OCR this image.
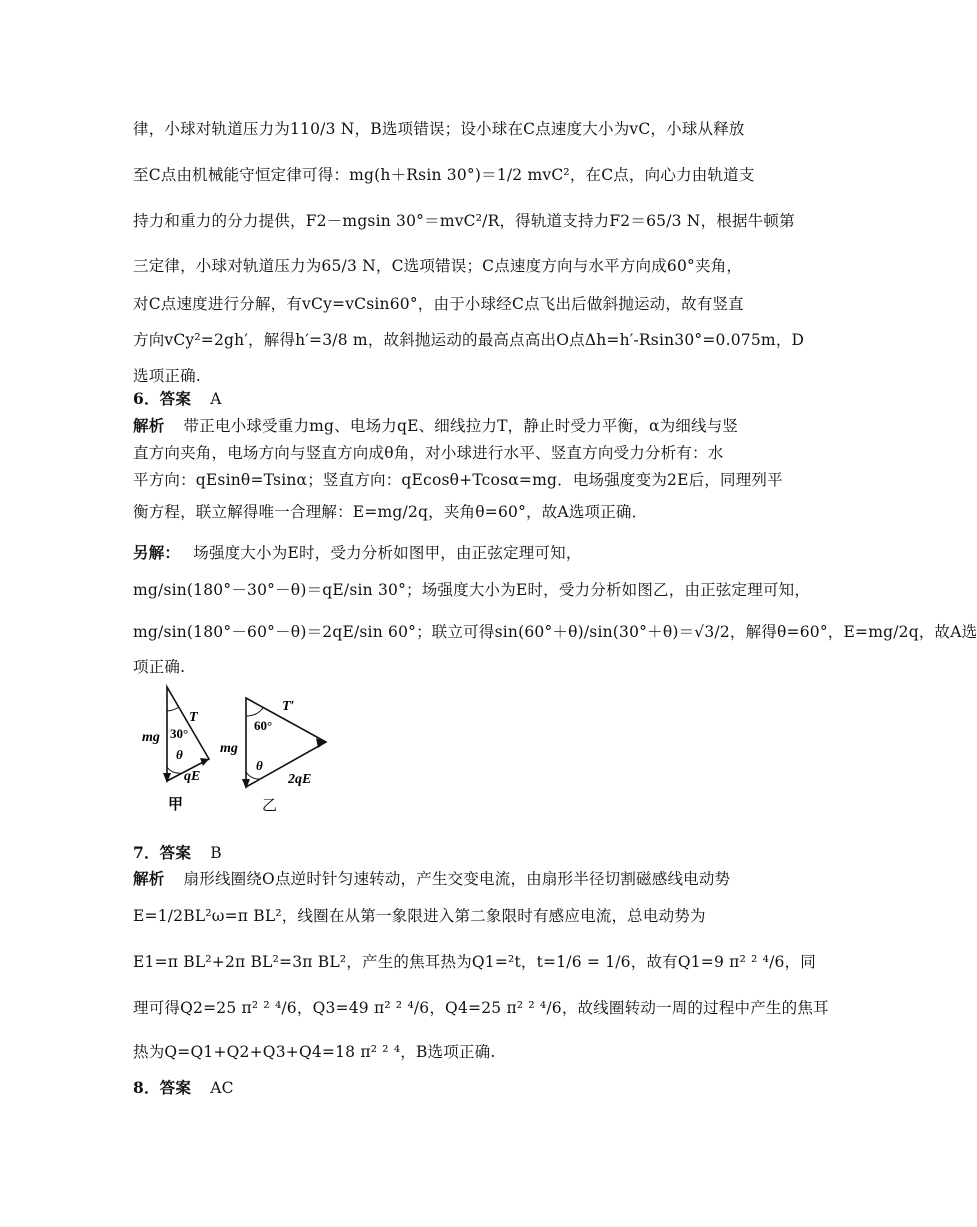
律，小球对轨道压力为110/3 N，B选项错误；设小球在C点速度大小为vC，小球从释放
至C点由机械能守恒定律可得：mg(h＋Rsin 30°)＝1/2 mvC²，在C点，向心力由轨道支
持力和重力的分力提供，F2－mgsin 30°＝mvC²/R，得轨道支持力F2＝65/3 N，根据牛顿第
三定律，小球对轨道压力为65/3 N，C选项错误；C点速度方向与水平方向成60°夹角，
对C点速度进行分解，有vCy=vCsin60°，由于小球经C点飞出后做斜抛运动，故有竖直
方向vCy²=2gh′，解得h′=3/8 m，故斜抛运动的最高点高出O点Δh=h′-Rsin30°=0.075m，D
选项正确.
6．答案 A
解析 带正电小球受重力mg、电场力qE、细线拉力T，静止时受力平衡，α为细线与竖
直方向夹角，电场方向与竖直方向成θ角，对小球进行水平、竖直方向受力分析有：水
平方向：qEsinθ=Tsinα；竖直方向：qEcosθ+Tcosα=mg．电场强度变为2E后，同理列平
衡方程，联立解得唯一合理解：E=mg/2q，夹角θ=60°，故A选项正确．
另解： 场强度大小为E时，受力分析如图甲，由正弦定理可知，
mg/sin(180°－30°－θ)＝qE/sin 30°；场强度大小为E时，受力分析如图乙，由正弦定理可知，
mg/sin(180°－60°－θ)＝2qE/sin 60°；联立可得sin(60°＋θ)/sin(30°＋θ)＝√3/2，解得θ=60°，E=mg/2q，故A选
项正确.
mg
T
30°
θ
qE
甲
mg
T′
60°
θ
2qE
乙
7．答案 B
解析 扇形线圈绕O点逆时针匀速转动，产生交变电流，由扇形半径切割磁感线电动势
E=1/2BL²ω=π BL²，线圈在从第一象限进入第二象限时有感应电流，总电动势为
E1=π BL²+2π BL²=3π BL²，产生的焦耳热为Q1=²t，t=1/6 = 1/6，故有Q1=9 π² ² ⁴/6，同
理可得Q2=25 π² ² ⁴/6，Q3=49 π² ² ⁴/6，Q4=25 π² ² ⁴/6，故线圈转动一周的过程中产生的焦耳
热为Q=Q1+Q2+Q3+Q4=18 π² ² ⁴，B选项正确.
8．答案 AC
